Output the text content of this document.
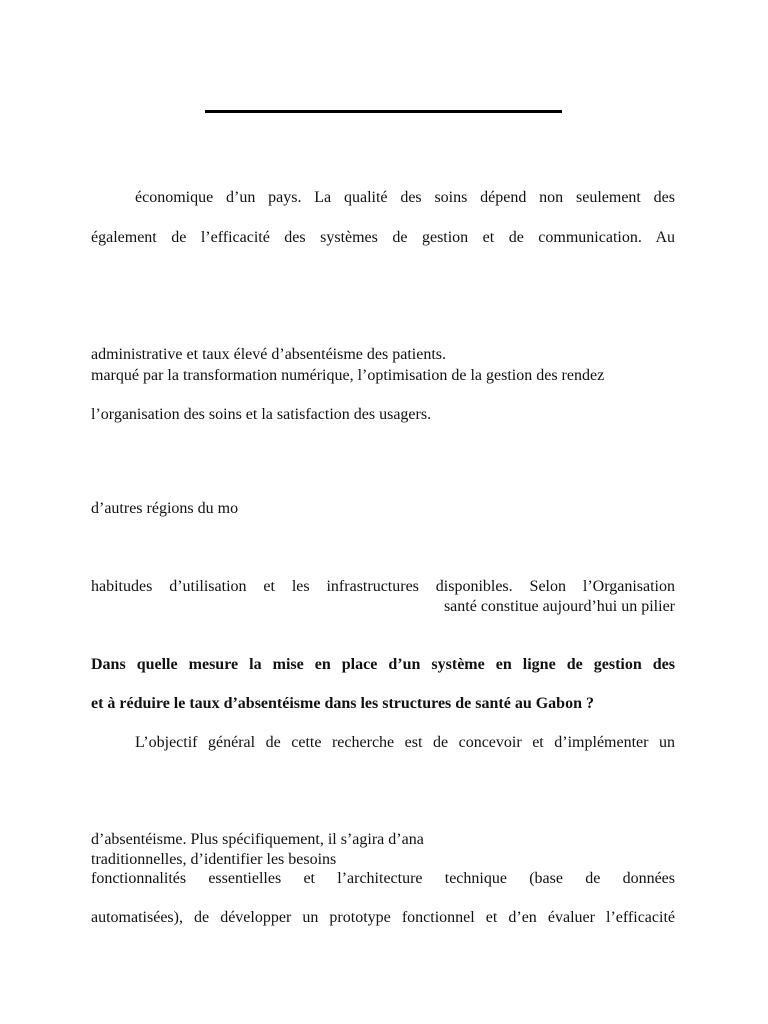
économique d’un pays. La qualité des soins dépend non seulement des
également de l’efficacité des systèmes de gestion et de communication. Au
administrative et taux élevé d’absentéisme des patients.
marqué par la transformation numérique, l’optimisation de la gestion des rendez
l’organisation des soins et la satisfaction des usagers.
d’autres régions du mo
habitudes d’utilisation et les infrastructures disponibles. Selon l’Organisation
santé constitue aujourd’hui un pilier
Dans quelle mesure la mise en place d’un système en ligne de gestion des
et à réduire le taux d’absentéisme dans les structures de santé au Gabon ?
L’objectif général de cette recherche est de concevoir et d’implémenter un
d’absentéisme. Plus spécifiquement, il s’agira d’ana
traditionnelles, d’identifier les besoins
fonctionnalités essentielles et l’architecture technique (base de données
automatisées), de développer un prototype fonctionnel et d’en évaluer l’efficacité
